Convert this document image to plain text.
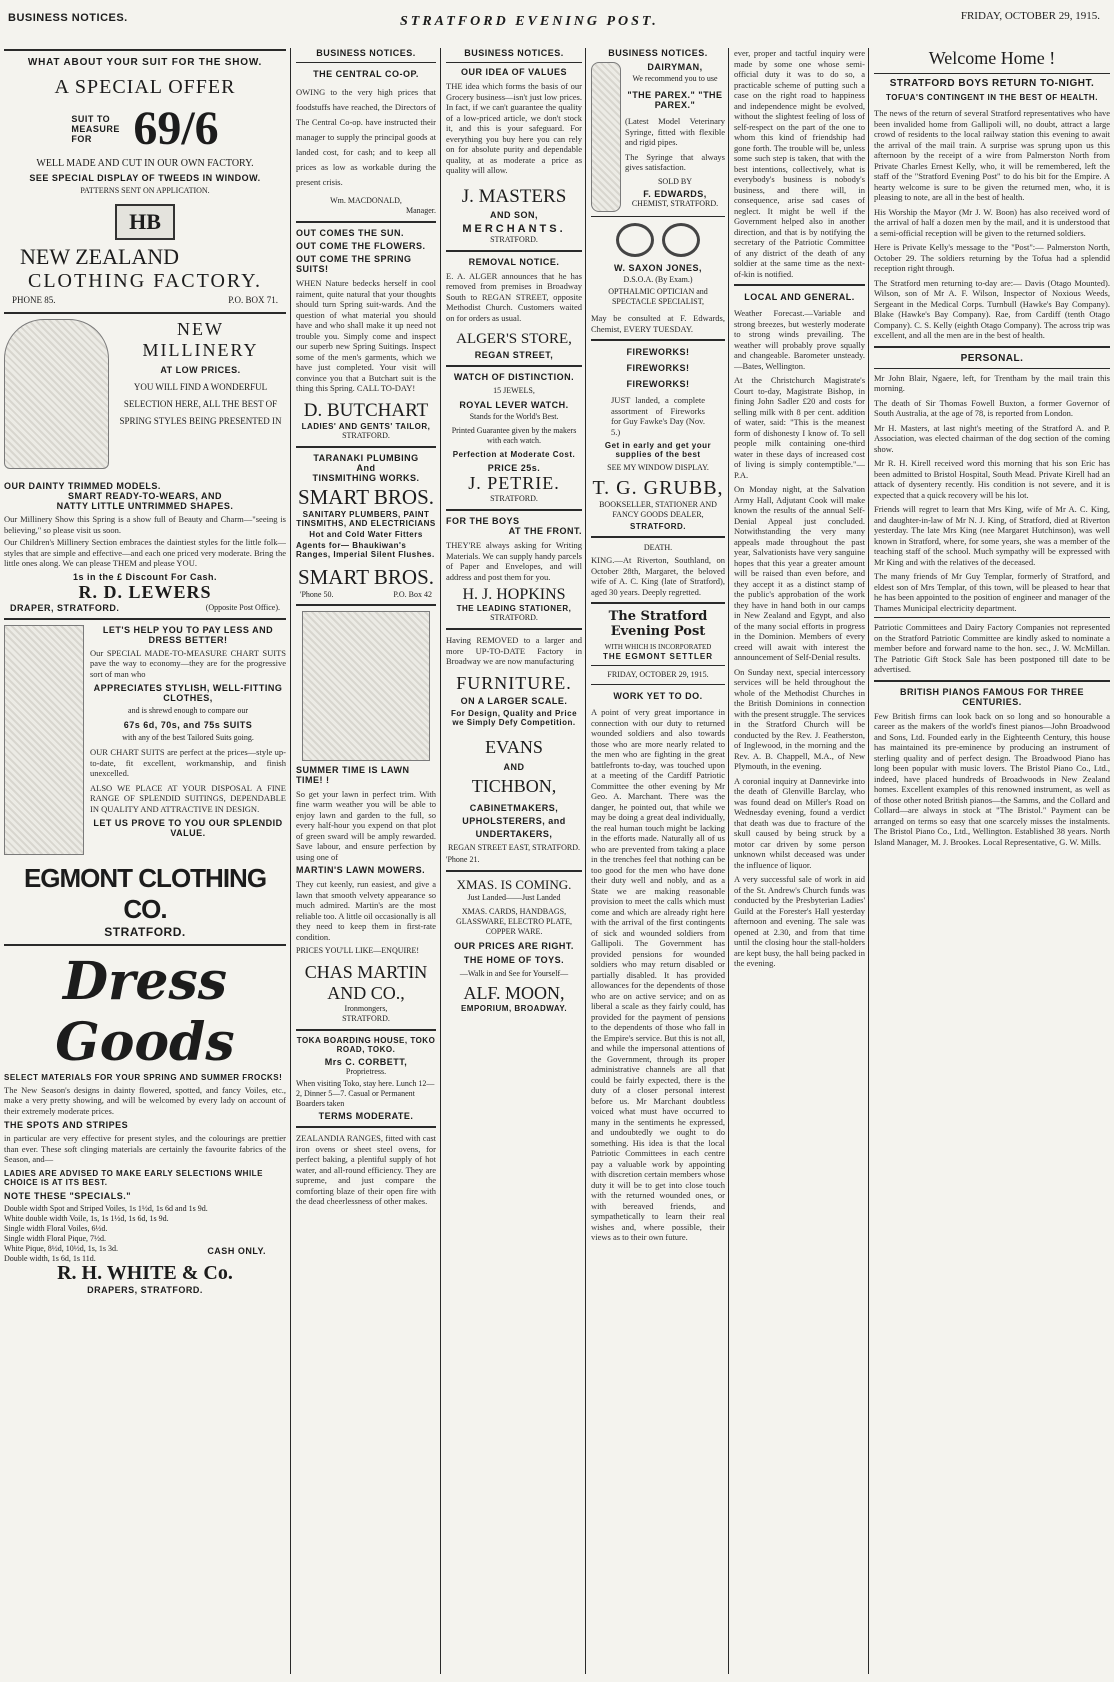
BUSINESS NOTICES.	STRATFORD EVENING POST.	FRIDAY, OCTOBER 29, 1915.
WHAT ABOUT YOUR SUIT FOR THE SHOW.
A SPECIAL OFFER
SUIT TO MEASURE FOR 69/6
WELL MADE AND CUT IN OUR OWN FACTORY.
SEE SPECIAL DISPLAY OF TWEEDS IN WINDOW.
PATTERNS SENT ON APPLICATION.
HB
NEW ZEALAND
CLOTHING FACTORY.
PHONE 85.	P.O. BOX 71.
NEW
MILLINERY
AT LOW PRICES.
YOU WILL FIND A WONDERFUL SELECTION HERE, ALL THE BEST OF SPRING STYLES BEING PRESENTED IN
OUR DAINTY TRIMMED MODELS.
SMART READY-TO-WEARS, AND
NATTY LITTLE UNTRIMMED SHAPES.
Our Millinery Show this Spring is a show full of Beauty and Charm—"seeing is believing," so please visit us soon.
Our Children's Millinery Section embraces the daintiest styles for the little folk—styles that are simple and effective—and each one priced very moderate. Bring the little ones along. We can please THEM and please YOU.
1s in the £ Discount For Cash.
R. D. LEWERS
DRAPER, STRATFORD.	(Opposite Post Office).
LET'S HELP YOU TO PAY LESS AND DRESS BETTER!
Our SPECIAL MADE-TO-MEASURE CHART SUITS pave the way to economy—they are for the progressive sort of man who
APPRECIATES STYLISH, WELL-FITTING CLOTHES,
and is shrewd enough to compare our
67s 6d, 70s, and 75s SUITS
with any of the best Tailored Suits going.
OUR CHART SUITS are perfect at the prices—style up-to-date, fit excellent, workmanship, and finish unexcelled.
ALSO WE PLACE AT YOUR DISPOSAL A FINE RANGE OF SPLENDID SUITINGS, DEPENDABLE IN QUALITY AND ATTRACTIVE IN DESIGN.
LET US PROVE TO YOU OUR SPLENDID VALUE.
EGMONT CLOTHING CO.
STRATFORD.
Dress Goods
SELECT MATERIALS FOR YOUR SPRING AND SUMMER FROCKS!
The New Season's designs in dainty flowered, spotted, and fancy Voiles, etc., make a very pretty showing, and will be welcomed by every lady on account of their extremely moderate prices.
THE SPOTS AND STRIPES
in particular are very effective for present styles, and the colourings are prettier than ever. These soft clinging materials are certainly the favourite fabrics of the Season, and—
LADIES ARE ADVISED TO MAKE EARLY SELECTIONS WHILE CHOICE IS AT ITS BEST.
NOTE THESE "SPECIALS."
Double width Spot and Striped Voiles, 1s 1½d, 1s 6d and 1s 9d.
White double width Voile, 1s, 1s 1½d, 1s 6d, 1s 9d.
Single width Floral Voiles, 6½d.
Single width Floral Pique, 7½d.
White Pique, 8½d, 10½d, 1s, 1s 3d.
Double width, 1s 6d, 1s 11d.
CASH ONLY.
R. H. WHITE & Co.
DRAPERS, STRATFORD.
BUSINESS NOTICES.
THE CENTRAL CO-OP.
OWING to the very high prices that foodstuffs have reached, the Directors of The Central Co-op. have instructed their manager to supply the principal goods at landed cost, for cash; and to keep all prices as low as workable during the present crisis.
Wm. MACDONALD,
Manager.
OUT COMES THE SUN.
OUT COME THE FLOWERS.
OUT COME THE SPRING SUITS!
WHEN Nature bedecks herself in cool raiment, quite natural that your thoughts should turn Spring suit-wards. And the question of what material you should have and who shall make it up need not trouble you. Simply come and inspect our superb new Spring Suitings. Inspect some of the men's garments, which we have just completed. Your visit will convince you that a Butchart suit is the thing this Spring. CALL TO-DAY!
D. BUTCHART
LADIES' AND GENTS' TAILOR,
STRATFORD.
TARANAKI PLUMBING
And
TINSMITHING WORKS.
SMART BROS.
SANITARY PLUMBERS, PAINT TINSMITHS, AND ELECTRICIANS
Hot and Cold Water Fitters
Agents for— Bhaukiwan's Ranges, Imperial Silent Flushes.
SMART BROS.
'Phone 50.	P.O. Box 42
SUMMER TIME IS LAWN TIME! !
So get your lawn in perfect trim. With fine warm weather you will be able to enjoy lawn and garden to the full, so every half-hour you expend on that plot of green sward will be amply rewarded. Save labour, and ensure perfection by using one of
MARTIN'S LAWN MOWERS.
They cut keenly, run easiest, and give a lawn that smooth velvety appearance so much admired. Martin's are the most reliable too. A little oil occasionally is all they need to keep them in first-rate condition.
PRICES YOU'LL LIKE—ENQUIRE!
CHAS MARTIN AND CO.,
Ironmongers,
STRATFORD.
TOKA BOARDING HOUSE, TOKO ROAD, TOKO.
Mrs C. CORBETT,
Proprietress.
When visiting Toko, stay here. Lunch 12—2, Dinner 5—7. Casual or Permanent Boarders taken
TERMS MODERATE.
ZEALANDIA RANGES, fitted with cast iron ovens or sheet steel ovens, for perfect baking, a plentiful supply of hot water, and all-round efficiency. They are supreme, and just compare the comforting blaze of their open fire with the dead cheerlessness of other makes.
BUSINESS NOTICES.
OUR IDEA OF VALUES
THE idea which forms the basis of our Grocery business—isn't just low prices. In fact, if we can't guarantee the quality of a low-priced article, we don't stock it, and this is your safeguard. For everything you buy here you can rely on for absolute purity and dependable quality, at as moderate a price as quality will allow.
J. MASTERS
AND SON,
MERCHANTS.
STRATFORD.
REMOVAL NOTICE.
E. A. ALGER announces that he has removed from premises in Broadway South to REGAN STREET, opposite Methodist Church. Customers waited on for orders as usual.
ALGER'S STORE,
REGAN STREET,
WATCH OF DISTINCTION.
15 JEWELS,
ROYAL LEVER WATCH.
Stands for the World's Best.
Printed Guarantee given by the makers with each watch.
Perfection at Moderate Cost.
PRICE 25s.
J. PETRIE.
STRATFORD.
FOR THE BOYS
AT THE FRONT.
THEY'RE always asking for Writing Materials. We can supply handy parcels of Paper and Envelopes, and will address and post them for you.
H. J. HOPKINS
THE LEADING STATIONER,
STRATFORD.
Having REMOVED to a larger and more UP-TO-DATE Factory in Broadway we are now manufacturing
FURNITURE.
ON A LARGER SCALE.
For Design, Quality and Price we Simply Defy Competition.
EVANS
AND
TICHBON,
CABINETMAKERS,
UPHOLSTERERS, and
UNDERTAKERS,
REGAN STREET EAST, STRATFORD.
'Phone 21.
XMAS. IS COMING.
Just Landed——Just Landed
XMAS. CARDS, HANDBAGS, GLASSWARE, ELECTRO PLATE, COPPER WARE.
OUR PRICES ARE RIGHT.
THE HOME OF TOYS.
—Walk in and See for Yourself—
ALF. MOON,
EMPORIUM, BROADWAY.
BUSINESS NOTICES.
DAIRYMAN,
We recommend you to use
"THE PAREX." "THE PAREX."
(Latest Model Veterinary Syringe, fitted with flexible and rigid pipes.
The Syringe that always gives satisfaction.
SOLD BY
F. EDWARDS,
CHEMIST, STRATFORD.
W. SAXON JONES,
D.S.O.A. (By Exam.)
OPTHALMIC OPTICIAN and SPECTACLE SPECIALIST,
May be consulted at F. Edwards, Chemist, EVERY TUESDAY.
FIREWORKS!
FIREWORKS!
FIREWORKS!
JUST landed, a complete assortment of Fireworks for Guy Fawke's Day (Nov. 5.)
Get in early and get your supplies of the best
SEE MY WINDOW DISPLAY.
T. G. GRUBB,
BOOKSELLER, STATIONER AND FANCY GOODS DEALER,
STRATFORD.
DEATH.
KING.—At Riverton, Southland, on October 28th, Margaret, the beloved wife of A. C. King (late of Stratford), aged 30 years. Deeply regretted.
The Stratford Evening Post
WITH WHICH IS INCORPORATED
THE EGMONT SETTLER
FRIDAY, OCTOBER 29, 1915.
WORK YET TO DO.
A point of very great importance in connection with our duty to returned wounded soldiers and also towards those who are more nearly related to the men who are fighting in the great battlefronts to-day, was touched upon at a meeting of the Cardiff Patriotic Committee the other evening by Mr Geo. A. Marchant. There was the danger, he pointed out, that while we may be doing a great deal individually, the real human touch might be lacking in the efforts made. Naturally all of us who are prevented from taking a place in the trenches feel that nothing can be too good for the men who have done their duty well and nobly, and as a State we are making reasonable provision to meet the calls which must come and which are already right here with the arrival of the first contingents of sick and wounded soldiers from Gallipoli. The Government has provided pensions for wounded soldiers who may return disabled or partially disabled. It has provided allowances for the dependents of those who are on active service; and on as liberal a scale as they fairly could, has provided for the payment of pensions to the dependents of those who fall in the Empire's service. But this is not all, and while the impersonal attentions of the Government, through its proper administrative channels are all that could be fairly expected, there is the duty of a closer personal interest before us. Mr Marchant doubtless voiced what must have occurred to many in the sentiments he expressed, and undoubtedly we ought to do something. His idea is that the local Patriotic Committees in each centre pay a valuable work by appointing with discretion certain members whose duty it will be to get into close touch with the returned wounded ones, or with bereaved friends, and sympathetically to learn their real wishes and, where possible, their views as to their own future.
ever, proper and tactful inquiry were made by some one whose semi-official duty it was to do so, a practicable scheme of putting such a case on the right road to happiness and independence might be evolved, without the slightest feeling of loss of self-respect on the part of the one to whom this kind of friendship had gone forth. The trouble will be, unless some such step is taken, that with the best intentions, collectively, what is everybody's business is nobody's business, and there will, in consequence, arise sad cases of neglect. It might be well if the Government helped also in another direction, and that is by notifying the secretary of the Patriotic Committee of any district of the death of any soldier at the same time as the next-of-kin is notified.
LOCAL AND GENERAL.
Weather Forecast.—Variable and strong breezes, but westerly moderate to strong winds prevailing. The weather will probably prove squally and changeable. Barometer unsteady.—Bates, Wellington.
At the Christchurch Magistrate's Court to-day, Magistrate Bishop, in fining John Sadler £20 and costs for selling milk with 8 per cent. addition of water, said: "This is the meanest form of dishonesty I know of. To sell people milk containing one-third water in these days of increased cost of living is simply contemptible."—P.A.
On Monday night, at the Salvation Army Hall, Adjutant Cook will make known the results of the annual Self-Denial Appeal just concluded. Notwithstanding the very many appeals made throughout the past year, Salvationists have very sanguine hopes that this year a greater amount will be raised than even before, and they accept it as a distinct stamp of the public's approbation of the work they have in hand both in our camps in New Zealand and Egypt, and also of the many social efforts in progress in the Dominion. Members of every creed will await with interest the announcement of Self-Denial results.
On Sunday next, special intercessory services will be held throughout the whole of the Methodist Churches in the British Dominions in connection with the present struggle. The services in the Stratford Church will be conducted by the Rev. J. Featherston, of Inglewood, in the morning and the Rev. A. B. Chappell, M.A., of New Plymouth, in the evening.
A coronial inquiry at Dannevirke into the death of Glenville Barclay, who was found dead on Miller's Road on Wednesday evening, found a verdict that death was due to fracture of the skull caused by being struck by a motor car driven by some person unknown whilst deceased was under the influence of liquor.
A very successful sale of work in aid of the St. Andrew's Church funds was conducted by the Presbyterian Ladies' Guild at the Forester's Hall yesterday afternoon and evening. The sale was opened at 2.30, and from that time until the closing hour the stall-holders are kept busy, the hall being packed in the evening.
Welcome Home !
STRATFORD BOYS RETURN TO-NIGHT.
TOFUA'S CONTINGENT IN THE BEST OF HEALTH.
The news of the return of several Stratford representatives who have been invalided home from Gallipoli will, no doubt, attract a large crowd of residents to the local railway station this evening to await the arrival of the mail train. A surprise was sprung upon us this afternoon by the receipt of a wire from Palmerston North from Private Charles Ernest Kelly, who, it will be remembered, left the staff of the "Stratford Evening Post" to do his bit for the Empire. A hearty welcome is sure to be given the returned men, who, it is pleasing to note, are all in the best of health.
His Worship the Mayor (Mr J. W. Boon) has also received word of the arrival of half a dozen men by the mail, and it is understood that a semi-official reception will be given to the returned soldiers.
Here is Private Kelly's message to the "Post":— Palmerston North, October 29. The soldiers returning by the Tofua had a splendid reception right through.
The Stratford men returning to-day are:— Davis (Otago Mounted). Wilson, son of Mr A. F. Wilson, Inspector of Noxious Weeds, Sergeant in the Medical Corps. Turnbull (Hawke's Bay Company). Blake (Hawke's Bay Company). Rae, from Cardiff (tenth Otago Company). C. S. Kelly (eighth Otago Company). The across trip was excellent, and all the men are in the best of health.
PERSONAL.
Mr John Blair, Ngaere, left, for Trentham by the mail train this morning.
The death of Sir Thomas Fowell Buxton, a former Governor of South Australia, at the age of 78, is reported from London.
Mr H. Masters, at last night's meeting of the Stratford A. and P. Association, was elected chairman of the dog section of the coming show.
Mr R. H. Kirell received word this morning that his son Eric has been admitted to Bristol Hospital, South Mead. Private Kirell had an attack of dysentery recently. His condition is not severe, and it is expected that a quick recovery will be his lot.
Friends will regret to learn that Mrs King, wife of Mr A. C. King, and daughter-in-law of Mr N. J. King, of Stratford, died at Riverton yesterday. The late Mrs King (nee Margaret Hutchinson), was well known in Stratford, where, for some years, she was a member of the teaching staff of the school. Much sympathy will be expressed with Mr King and with the relatives of the deceased.
The many friends of Mr Guy Templar, formerly of Stratford, and eldest son of Mrs Templar, of this town, will be pleased to hear that he has been appointed to the position of engineer and manager of the Thames Municipal electricity department.
Patriotic Committees and Dairy Factory Companies not represented on the Stratford Patriotic Committee are kindly asked to nominate a member before and forward name to the hon. sec., J. W. McMillan. The Patriotic Gift Stock Sale has been postponed till date to be advertised.
BRITISH PIANOS FAMOUS FOR THREE CENTURIES.
Few British firms can look back on so long and so honourable a career as the makers of the world's finest pianos—John Broadwood and Sons, Ltd. Founded early in the Eighteenth Century, this house has maintained its pre-eminence by producing an instrument of sterling quality and of perfect design. The Broadwood Piano has long been popular with music lovers. The Bristol Piano Co., Ltd., indeed, have placed hundreds of Broadwoods in New Zealand homes. Excellent examples of this renowned instrument, as well as of those other noted British pianos—the Samms, and the Collard and Collard—are always in stock at "The Bristol." Payment can be arranged on terms so easy that one scarcely misses the instalments. The Bristol Piano Co., Ltd., Wellington. Established 38 years. North Island Manager, M. J. Brookes. Local Representative, G. W. Mills.
